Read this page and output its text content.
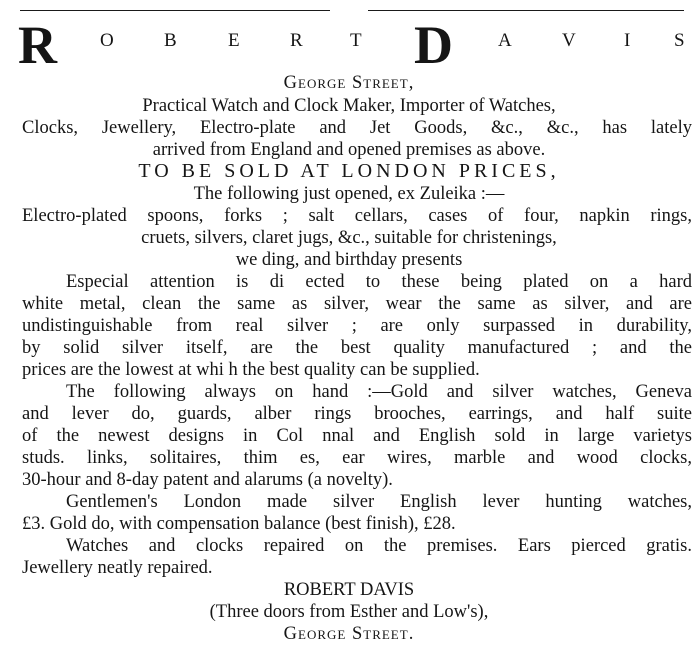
R O	B	E	R T D A	V	I S
George Street,
Practical Watch and Clock Maker, Importer of Watches,
Clocks, Jewellery, Electro-plate and Jet Goods, &c., &c., has lately
arrived from England and opened premises as above.
TO BE SOLD AT LONDON PRICES,
The following just opened, ex Zuleika :—
Electro-plated spoons, forks ; salt cellars, cases of four, napkin rings,
cruets, silvers, claret jugs, &c., suitable for christenings,
we ding, and birthday presents
Especial attention is di ected to these being plated on a hard
white metal, clean the same as silver, wear the same as silver, and are
undistinguishable from real silver ; are only surpassed in durability,
by solid silver itself, are the best quality manufactured ; and the
prices are the lowest at whi h the best quality can be supplied.
The following always on hand :—Gold and silver watches, Geneva
and lever do, guards, alber rings brooches, earrings, and half suite
of the newest designs in Col nnal and English sold in large varietys
studs. links, solitaires, thim es, ear wires, marble and wood clocks,
30-hour and 8-day patent and alarums (a novelty).
Gentlemen's London made silver English lever hunting watches,
£3. Gold do, with compensation balance (best finish), £28.
Watches and clocks repaired on the premises. Ears pierced gratis.
Jewellery neatly repaired.
ROBERT DAVIS
(Three doors from Esther and Low's),
George Street.
